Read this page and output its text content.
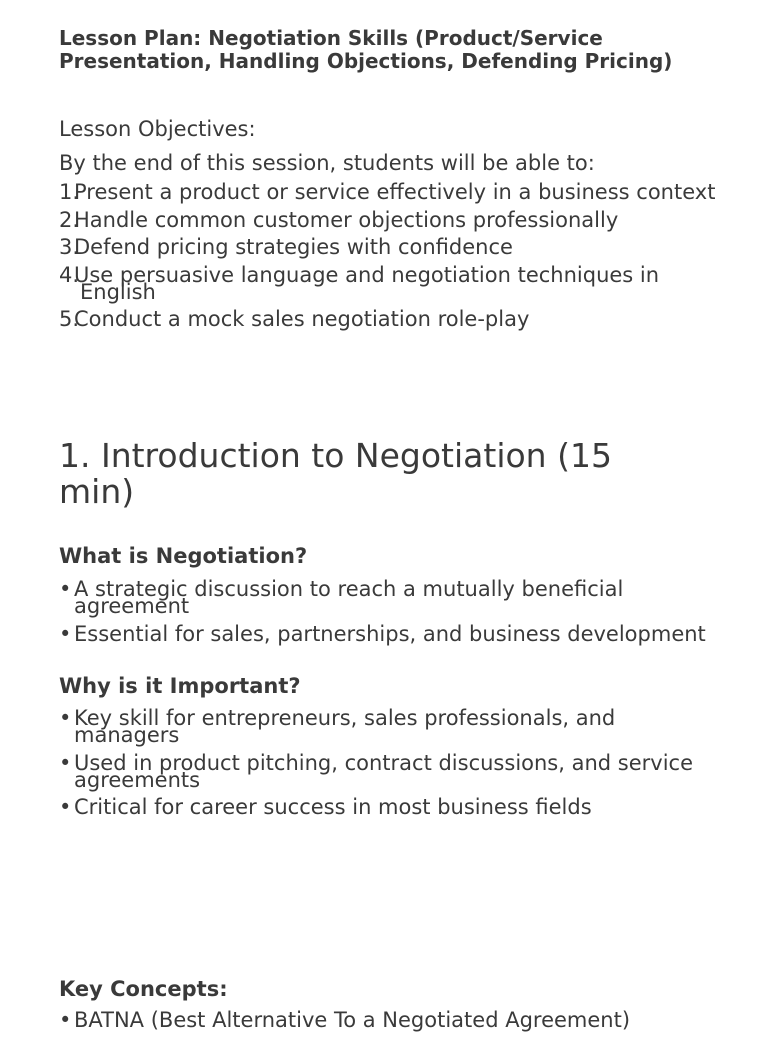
Lesson Plan: Negotiation Skills (Product/Service Presentation, Handling Objections, Defending Pricing)

Lesson Objectives:

By the end of this session, students will be able to:

1.
Present a product or service effectively in a business context
2.
Handle common customer objections professionally
3.
Defend pricing strategies with confidence
4.
Use persuasive language and negotiation techniques in English
5.
Conduct a mock sales negotiation role-play
1. Introduction to Negotiation (15 min)

What is Negotiation?

• A strategic discussion to reach a mutually beneficial agreement
• Essential for sales, partnerships, and business development

Why is it Important?

• Key skill for entrepreneurs, sales professionals, and managers
• Used in product pitching, contract discussions, and service agreements
• Critical for career success in most business fields

Key Concepts:

• BATNA (Best Alternative To a Negotiated Agreement)
